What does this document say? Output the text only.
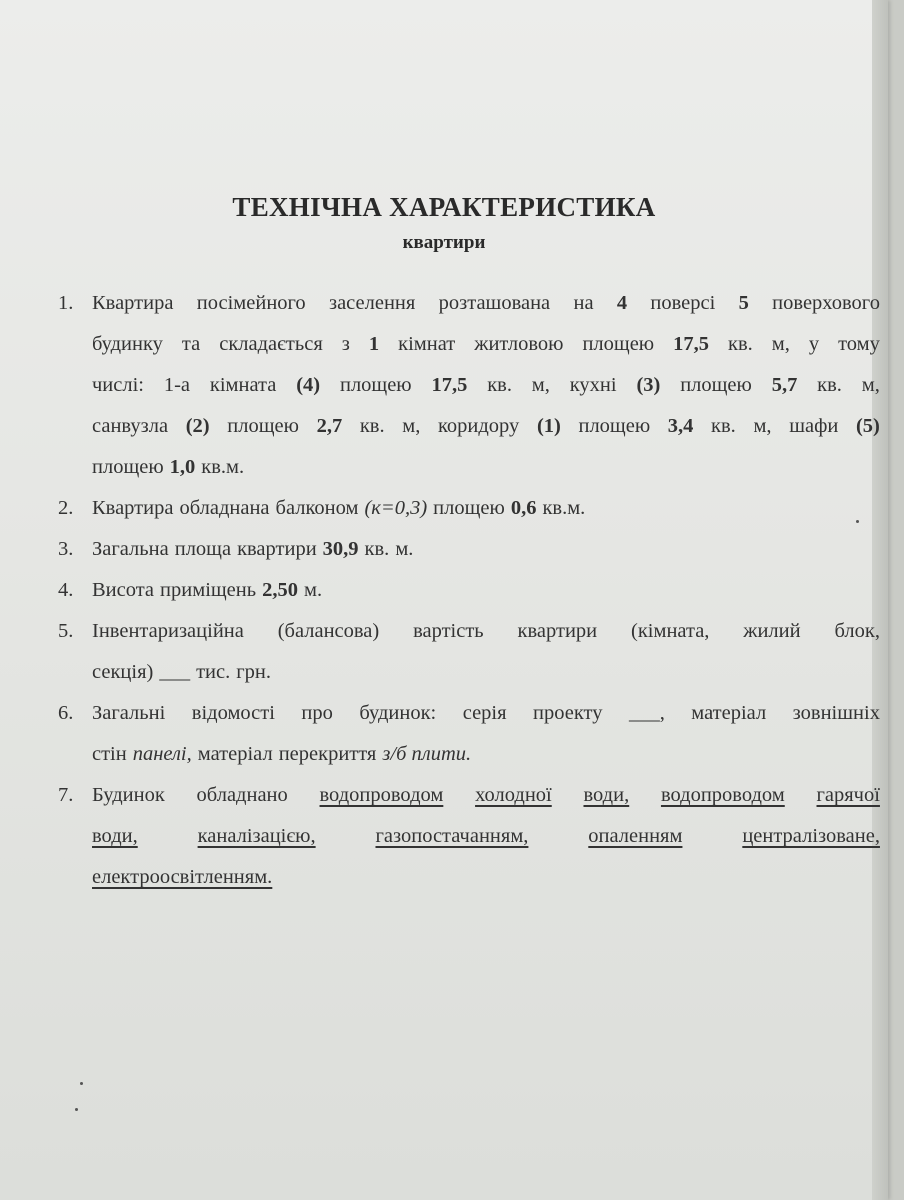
ТЕХНІЧНА ХАРАКТЕРИСТИКА
квартири
1. Квартира посімейного заселення розташована на 4 поверсі 5 поверхового
будинку та складається з 1 кімнат житловою площею 17,5 кв. м, у тому
числі: 1-а кімната (4) площею 17,5 кв. м, кухні (3) площею 5,7 кв. м,
санвузла (2) площею 2,7 кв. м, коридору (1) площею 3,4 кв. м, шафи (5)
площею 1,0 кв.м.
2. Квартира обладнана балконом (к=0,3) площею 0,6 кв.м.
3. Загальна площа квартири 30,9 кв. м.
4. Висота приміщень 2,50 м.
5. Інвентаризаційна (балансова) вартість квартири (кімната, жилий блок,
секція) ___ тис. грн.
6. Загальні відомості про будинок: серія проекту ___, матеріал зовнішніх
стін панелі, матеріал перекриття з/б плити.
7. Будинок обладнано водопроводом холодної води, водопроводом гарячої
води,	каналізацією,	газопостачанням,	опаленням	централізоване,
електроосвітленням.
